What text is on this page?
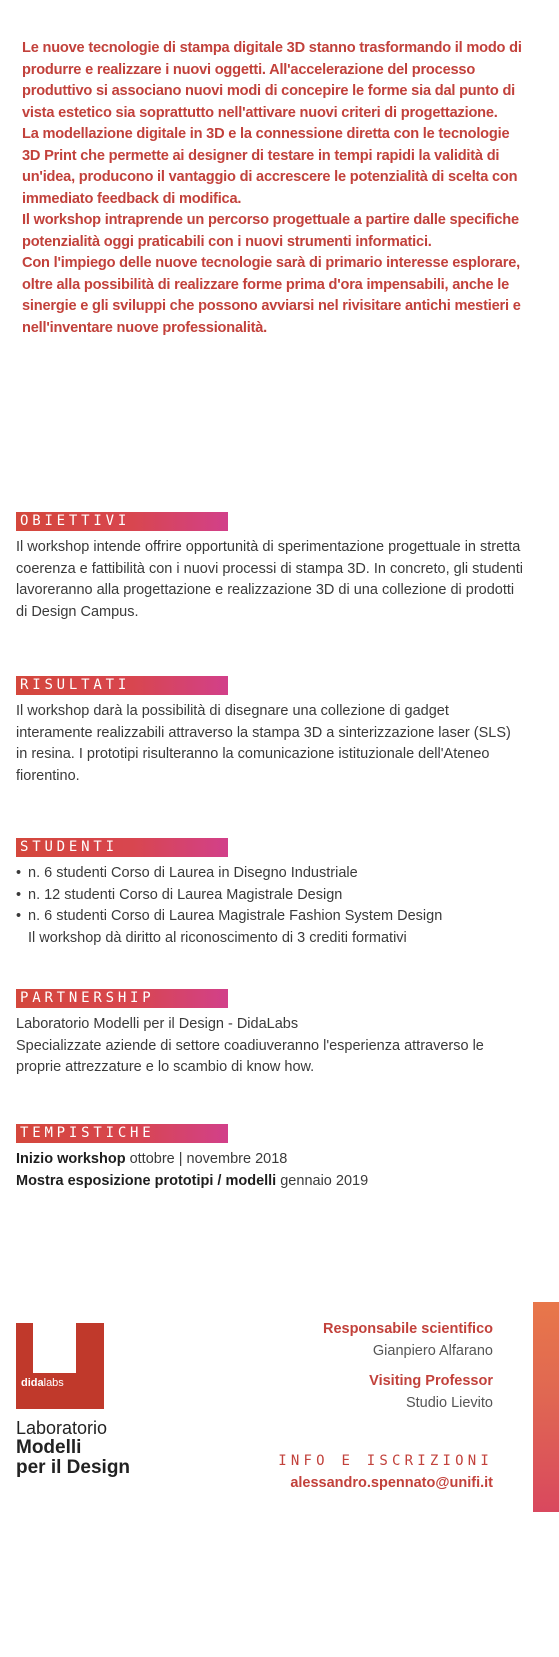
Le nuove tecnologie di stampa digitale 3D stanno trasformando il modo di produrre e realizzare i nuovi oggetti. All'accelerazione del processo produttivo si associano nuovi modi di concepire le forme sia dal punto di vista estetico sia soprattutto nell'attivare nuovi criteri di progettazione.

La modellazione digitale in 3D e la connessione diretta con le tecnologie 3D Print che permette ai designer di testare in tempi rapidi la validità di un'idea, producono il vantaggio di accrescere le potenzialità di scelta con immediato feedback di modifica.

Il workshop intraprende un percorso progettuale a partire dalle specifiche potenzialità oggi praticabili con i nuovi strumenti informatici.

Con l'impiego delle nuove tecnologie sarà di primario interesse esplorare, oltre alla possibilità di realizzare forme prima d'ora impensabili, anche le sinergie e gli sviluppi che possono avviarsi nel rivisitare antichi mestieri e nell'inventare nuove professionalità.

OBIETTIVI

Il workshop intende offrire opportunità di sperimentazione progettuale in stretta coerenza e fattibilità con i nuovi processi di stampa 3D. In concreto, gli studenti lavoreranno alla progettazione e realizzazione 3D di una collezione di prodotti di Design Campus.

RISULTATI

Il workshop darà la possibilità di disegnare una collezione di gadget interamente realizzabili attraverso la stampa 3D a sinterizzazione laser (SLS) in resina. I prototipi risulteranno la comunicazione istituzionale dell'Ateneo fiorentino.

STUDENTI
• n. 6 studenti Corso di Laurea in Disegno Industriale
• n. 12 studenti Corso di Laurea Magistrale Design
• n. 6 studenti Corso di Laurea Magistrale Fashion System Design
Il workshop dà diritto al riconoscimento di 3 crediti formativi
PARTNERSHIP

Laboratorio Modelli per il Design - DidaLabs

Specializzate aziende di settore coadiuveranno l'esperienza attraverso le proprie attrezzature e lo scambio di know how.

TEMPISTICHE

Inizio workshop ottobre | novembre 2018

Mostra esposizione prototipi / modelli gennaio 2019

didalabs
Laboratorio
Modelli
per il Design
Responsabile scientifico
Gianpiero Alfarano
Visiting Professor
Studio Lievito
INFO E ISCRIZIONI
alessandro.spennato@unifi.it
